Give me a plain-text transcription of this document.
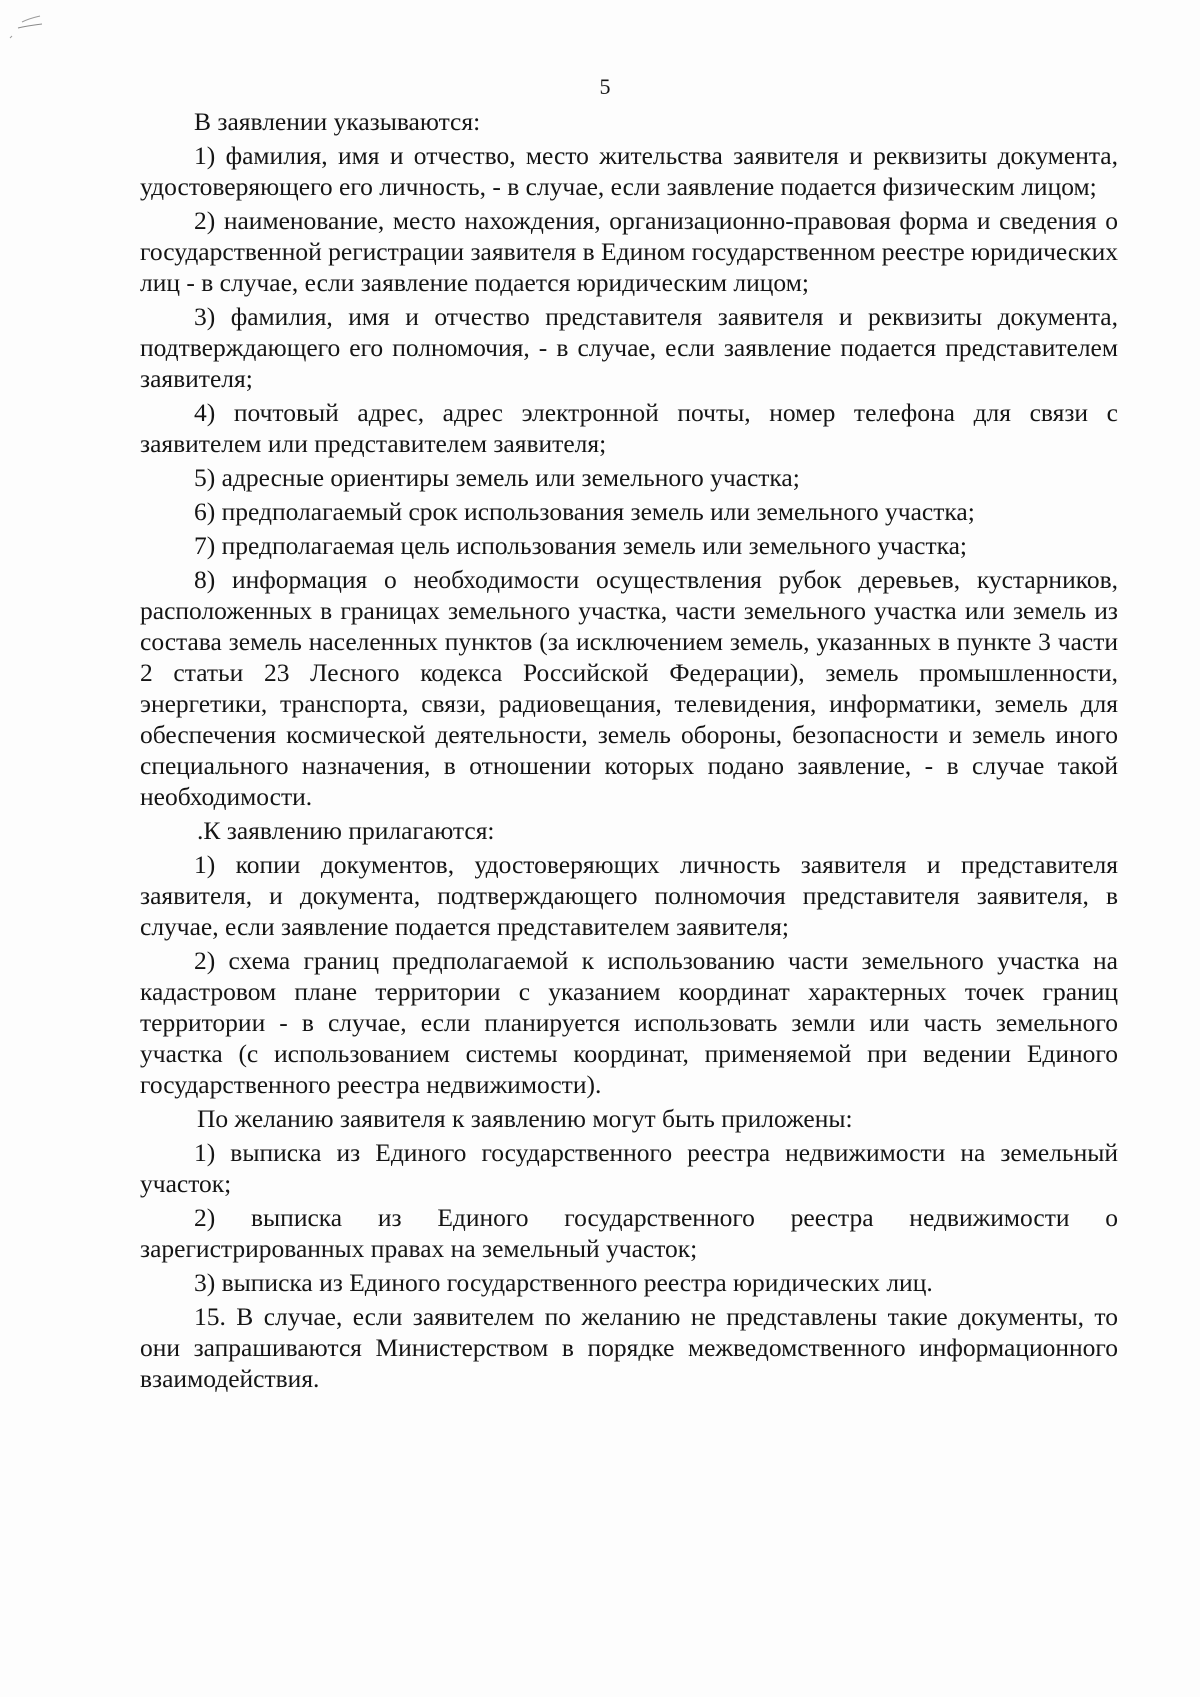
5

В заявлении указываются:

1) фамилия, имя и отчество, место жительства заявителя и реквизиты документа, удостоверяющего его личность, - в случае, если заявление подается физическим лицом;

2) наименование, место нахождения, организационно-правовая форма и сведения о государственной регистрации заявителя в Едином государственном реестре юридических лиц - в случае, если заявление подается юридическим лицом;

3) фамилия, имя и отчество представителя заявителя и реквизиты документа, подтверждающего его полномочия, - в случае, если заявление подается представителем заявителя;

4) почтовый адрес, адрес электронной почты, номер телефона для связи с заявителем или представителем заявителя;

5) адресные ориентиры земель или земельного участка;

6) предполагаемый срок использования земель или земельного участка;

7) предполагаемая цель использования земель или земельного участка;

8) информация о необходимости осуществления рубок деревьев, кустарников, расположенных в границах земельного участка, части земельного участка или земель из состава земель населенных пунктов (за исключением земель, указанных в пункте 3 части 2 статьи 23 Лесного кодекса Российской Федерации), земель промышленности, энергетики, транспорта, связи, радиовещания, телевидения, информатики, земель для обеспечения космической деятельности, земель обороны, безопасности и земель иного специального назначения, в отношении которых подано заявление, - в случае такой необходимости.

.К заявлению прилагаются:

1) копии документов, удостоверяющих личность заявителя и представителя заявителя, и документа, подтверждающего полномочия представителя заявителя, в случае, если заявление подается представителем заявителя;

2) схема границ предполагаемой к использованию части земельного участка на кадастровом плане территории с указанием координат характерных точек границ территории - в случае, если планируется использовать земли или часть земельного участка (с использованием системы координат, применяемой при ведении Единого государственного реестра недвижимости).

По желанию заявителя к заявлению могут быть приложены:

1) выписка из Единого государственного реестра недвижимости на земельный участок;

2) выписка из Единого государственного реестра недвижимости о зарегистрированных правах на земельный участок;

3) выписка из Единого государственного реестра юридических лиц.

15. В случае, если заявителем по желанию не представлены такие документы, то они запрашиваются Министерством в порядке межведомственного информационного взаимодействия.
